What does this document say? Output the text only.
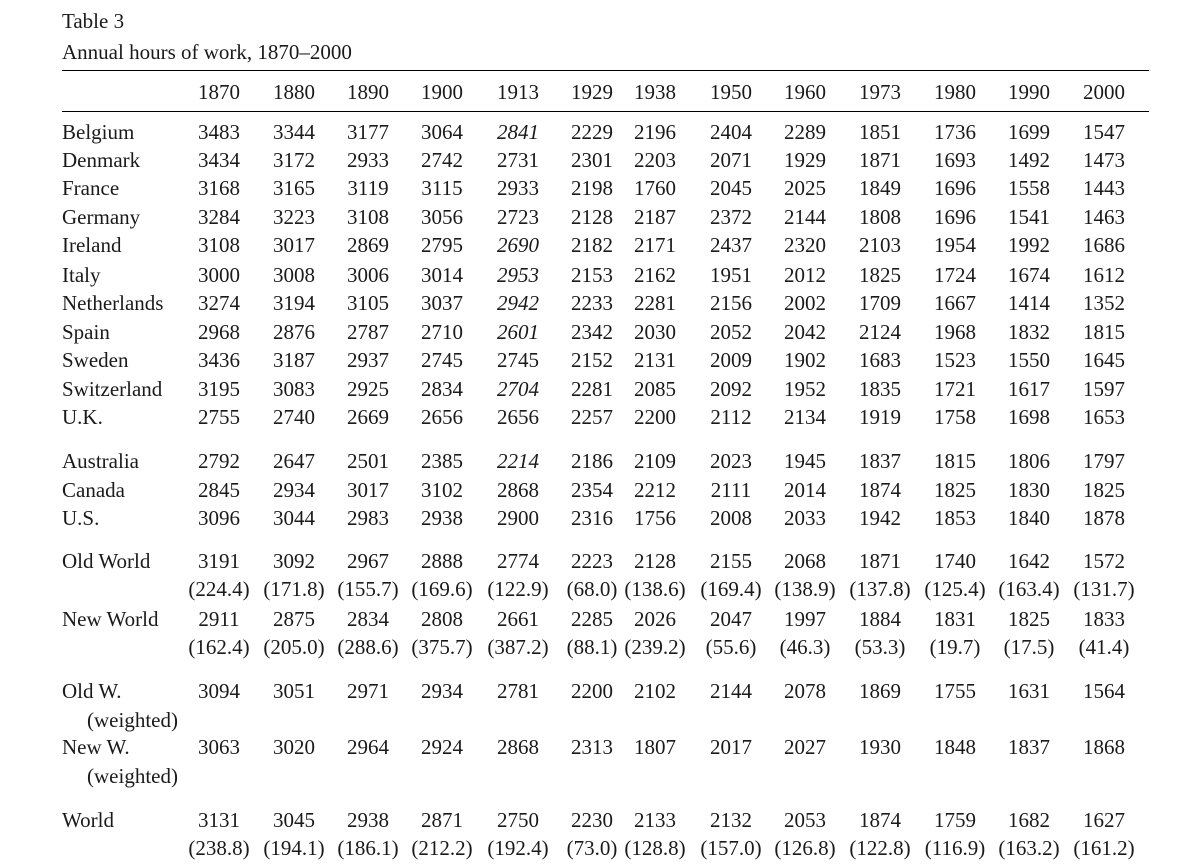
Table 3
Annual hours of work, 1870–2000
1870	1880	1890	1900	1913	1929	1938	1950	1960	1973	1980	1990	2000
Belgium	3483	3344	3177	3064	2841	2229	2196	2404	2289	1851	1736	1699	1547
Denmark	3434	3172	2933	2742	2731	2301	2203	2071	1929	1871	1693	1492	1473
France	3168	3165	3119	3115	2933	2198	1760	2045	2025	1849	1696	1558	1443
Germany	3284	3223	3108	3056	2723	2128	2187	2372	2144	1808	1696	1541	1463
Ireland	3108	3017	2869	2795	2690	2182	2171	2437	2320	2103	1954	1992	1686
Italy	3000	3008	3006	3014	2953	2153	2162	1951	2012	1825	1724	1674	1612
Netherlands	3274	3194	3105	3037	2942	2233	2281	2156	2002	1709	1667	1414	1352
Spain	2968	2876	2787	2710	2601	2342	2030	2052	2042	2124	1968	1832	1815
Sweden	3436	3187	2937	2745	2745	2152	2131	2009	1902	1683	1523	1550	1645
Switzerland	3195	3083	2925	2834	2704	2281	2085	2092	1952	1835	1721	1617	1597
U.K.	2755	2740	2669	2656	2656	2257	2200	2112	2134	1919	1758	1698	1653
Australia	2792	2647	2501	2385	2214	2186	2109	2023	1945	1837	1815	1806	1797
Canada	2845	2934	3017	3102	2868	2354	2212	2111	2014	1874	1825	1830	1825
U.S.	3096	3044	2983	2938	2900	2316	1756	2008	2033	1942	1853	1840	1878
Old World	3191	3092	2967	2888	2774	2223	2128	2155	2068	1871	1740	1642	1572
(224.4) (171.8) (155.7) (169.6) (122.9) (68.0) (138.6) (169.4) (138.9) (137.8) (125.4) (163.4) (131.7)
New World	2911	2875	2834	2808	2661	2285	2026	2047	1997	1884	1831	1825	1833
(162.4) (205.0) (288.6) (375.7) (387.2) (88.1) (239.2) (55.6)	(46.3)	(53.3)	(19.7)	(17.5)	(41.4)
Old W.	3094	3051	2971	2934	2781	2200	2102	2144	2078	1869	1755	1631	1564
(weighted)
New W.	3063	3020	2964	2924	2868	2313	1807	2017	2027	1930	1848	1837	1868
(weighted)
World	3131	3045	2938	2871	2750	2230	2133	2132	2053	1874	1759	1682	1627
(238.8) (194.1) (186.1) (212.2) (192.4) (73.0) (128.8) (157.0) (126.8) (122.8) (116.9) (163.2) (161.2)
